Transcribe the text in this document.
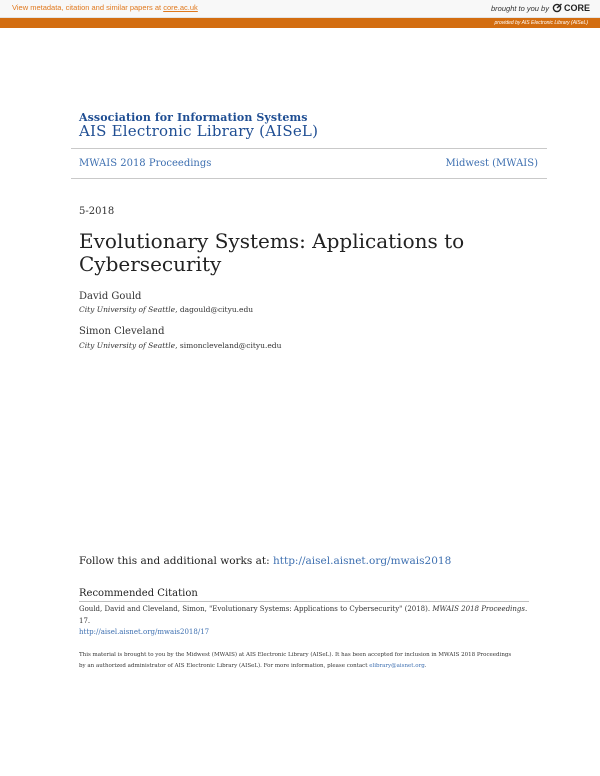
View metadata, citation and similar papers at core.ac.uk	brought to you by CORE
provided by AIS Electronic Library (AISeL)
Association for Information Systems
AIS Electronic Library (AISeL)
MWAIS 2018 Proceedings	Midwest (MWAIS)
5-2018
Evolutionary Systems: Applications to Cybersecurity
David Gould
City University of Seattle, dagould@cityu.edu
Simon Cleveland
City University of Seattle, simoncleveland@cityu.edu
Follow this and additional works at: http://aisel.aisnet.org/mwais2018
Recommended Citation
Gould, David and Cleveland, Simon, "Evolutionary Systems: Applications to Cybersecurity" (2018). MWAIS 2018 Proceedings. 17.
http://aisel.aisnet.org/mwais2018/17
This material is brought to you by the Midwest (MWAIS) at AIS Electronic Library (AISeL). It has been accepted for inclusion in MWAIS 2018 Proceedings by an authorized administrator of AIS Electronic Library (AISeL). For more information, please contact elibrary@aisnet.org.
